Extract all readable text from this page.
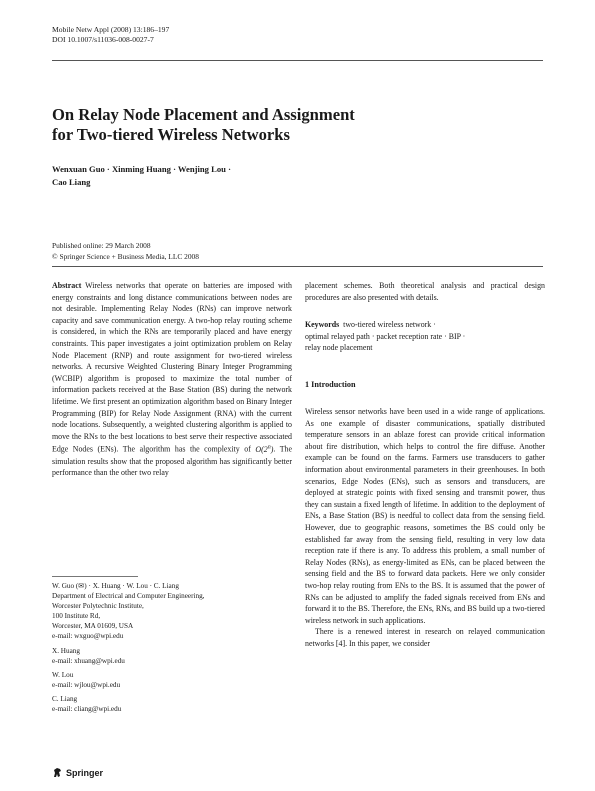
Mobile Netw Appl (2008) 13:186–197
DOI 10.1007/s11036-008-0027-7
On Relay Node Placement and Assignment
for Two-tiered Wireless Networks
Wenxuan Guo · Xinming Huang · Wenjing Lou ·
Cao Liang
Published online: 29 March 2008
© Springer Science + Business Media, LLC 2008
Abstract Wireless networks that operate on batteries are imposed with energy constraints and long distance communications between nodes are not desirable. Implementing Relay Nodes (RNs) can improve network capacity and save communication energy. A two-hop relay routing scheme is considered, in which the RNs are temporarily placed and have energy constraints. This paper investigates a joint optimization problem on Relay Node Placement (RNP) and route assignment for two-tiered wireless networks. A recursive Weighted Clustering Binary Integer Programming (WCBIP) algorithm is proposed to maximize the total number of information packets received at the Base Station (BS) during the network lifetime. We first present an optimization algorithm based on Binary Integer Programming (BIP) for Relay Node Assignment (RNA) with the current node locations. Subsequently, a weighted clustering algorithm is applied to move the RNs to the best locations to best serve their respective associated Edge Nodes (ENs). The algorithm has the complexity of O(2$^n$). The simulation results show that the proposed algorithm has significantly better performance than the other two relay
placement schemes. Both theoretical analysis and practical design procedures are also presented with details.
Keywords two-tiered wireless network ·
optimal relayed path · packet reception rate · BIP ·
relay node placement
1 Introduction

Wireless sensor networks have been used in a wide range of applications. As one example of disaster communications, spatially distributed temperature sensors in an ablaze forest can provide critical information about fire distribution, which helps to control the fire diffuse. Another example can be found on the farms. Farmers use transducers to gather information about environmental parameters in their greenhouses. In both scenarios, Edge Nodes (ENs), such as sensors and transducers, are deployed at strategic points with fixed sensing and transmit power, thus they can sustain a fixed length of lifetime. In addition to the deployment of ENs, a Base Station (BS) is needful to collect data from the sensing field. However, due to geographic reasons, sometimes the BS could only be established far away from the sensing field, resulting in very low data reception rate if there is any. To address this problem, a small number of Relay Nodes (RNs), as energy-limited as ENs, can be placed between the sensing field and the BS to forward data packets. Here we only consider two-hop relay routing from ENs to the BS. It is assumed that the power of RNs can be adjusted to amplify the faded signals received from ENs and forward it to the BS. Therefore, the ENs, RNs, and BS build up a two-tiered wireless network in such applications.

There is a renewed interest in research on relayed communication networks [4]. In this paper, we consider

W. Guo (✉) · X. Huang · W. Lou · C. Liang
Department of Electrical and Computer Engineering,
Worcester Polytechnic Institute,
100 Institute Rd,
Worcester, MA 01609, USA
e-mail: wxguo@wpi.edu
X. Huang
e-mail: xhuang@wpi.edu
W. Lou
e-mail: wjlou@wpi.edu
C. Liang
e-mail: cliang@wpi.edu
Springer
